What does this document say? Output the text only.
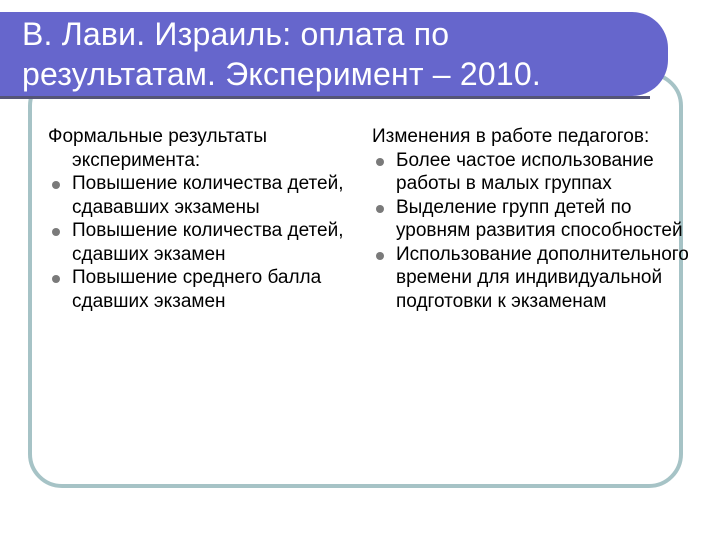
В. Лави. Израиль: оплата по
результатам. Эксперимент – 2010.

Формальные результаты эксперимента:

Повышение количества детей, сдававших экзамены
Повышение количества детей, сдавших экзамен
Повышение среднего балла сдавших экзамен

Изменения в работе педагогов:

Более частое использование работы в малых группах
Выделение групп детей по уровням развития способностей
Использование дополнительного времени для индивидуальной подготовки к экзаменам
